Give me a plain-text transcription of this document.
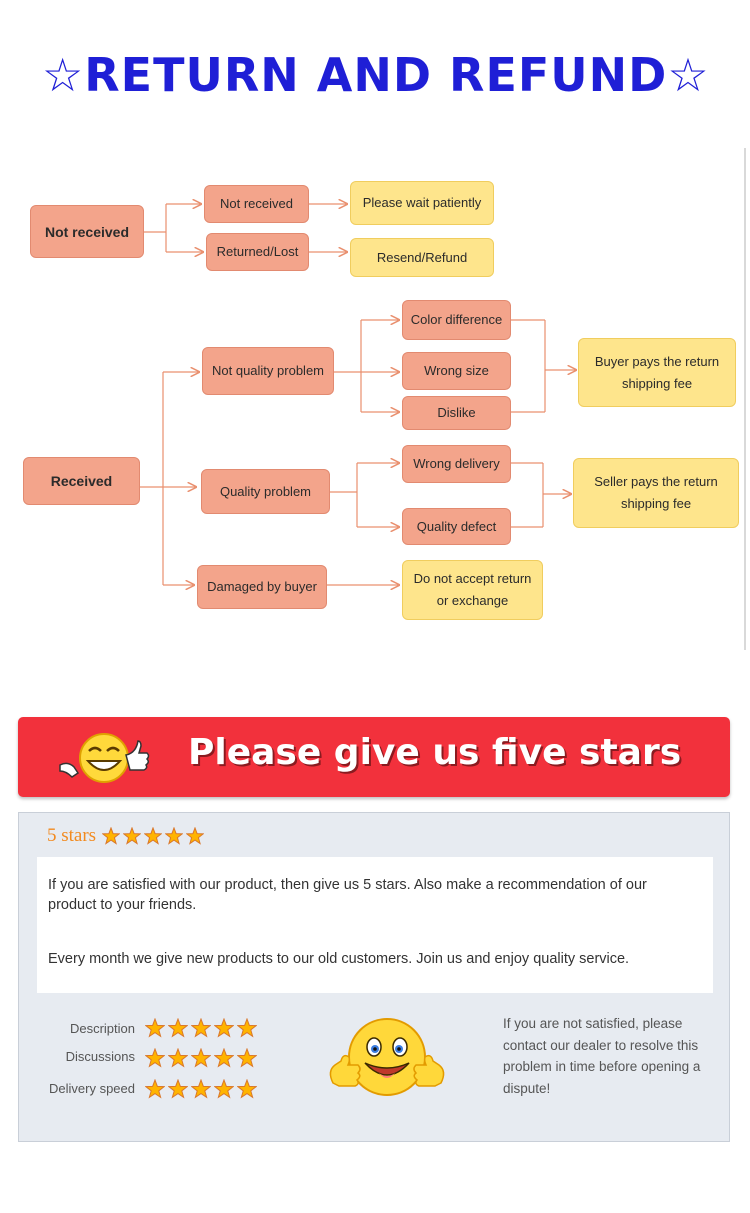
☆RETURN AND REFUND☆
Not received
Not received
Returned/Lost
Please wait patiently
Resend/Refund
Received
Not quality problem
Color difference
Wrong size
Dislike
Buyer pays the return shipping fee
Quality problem
Wrong delivery
Quality defect
Seller pays the return shipping fee
Damaged by buyer
Do not accept return or exchange
Please give us five stars
5 stars
If you are satisfied with our product, then give us 5 stars. Also make a recommendation of our product to your friends.
Every month we give new products to our old customers. Join us and enjoy quality service.
Description
Discussions
Delivery speed
If you are not satisfied, please contact our dealer to resolve this problem in time before opening a dispute!
